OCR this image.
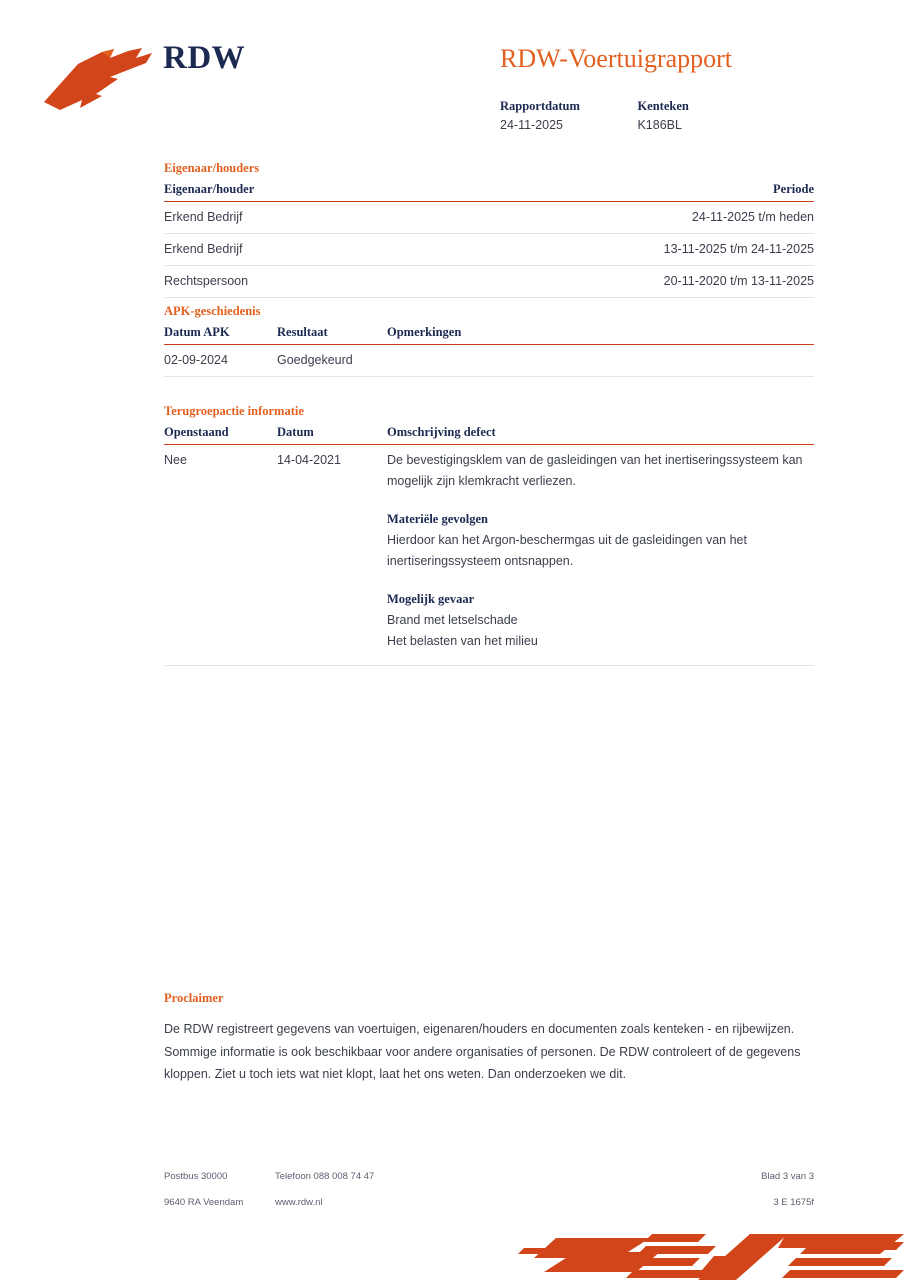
RDW	RDW-Voertuigrapport
Rapportdatum
24-11-2025

Kenteken
K186BL
Eigenaar/houders
Eigenaar/houder	Periode
Erkend Bedrijf	24-11-2025 t/m heden
Erkend Bedrijf	13-11-2025 t/m 24-11-2025
Rechtspersoon	20-11-2020 t/m 13-11-2025
APK-geschiedenis
Datum APK	Resultaat	Opmerkingen
02-09-2024	Goedgekeurd	
Terugroepactie informatie
Openstaand	Datum	Omschrijving defect
Nee	14-04-2021	De bevestigingsklem van de gasleidingen van het inertiseringssysteem kan mogelijk zijn klemkracht verliezen.
Materiële gevolgen
Hierdoor kan het Argon-beschermgas uit de gasleidingen van het inertiseringssysteem ontsnappen.
Mogelijk gevaar
Brand met letselschade
Het belasten van het milieu

Proclaimer
De RDW registreert gegevens van voertuigen, eigenaren/houders en documenten zoals kenteken - en rijbewijzen. Sommige informatie is ook beschikbaar voor andere organisaties of personen. De RDW controleert of de gegevens kloppen. Ziet u toch iets wat niet klopt, laat het ons weten. Dan onderzoeken we dit.
Postbus 30000	Telefoon 088 008 74 47	Blad 3 van 3
9640 RA Veendam	www.rdw.nl	3 E 1675f
